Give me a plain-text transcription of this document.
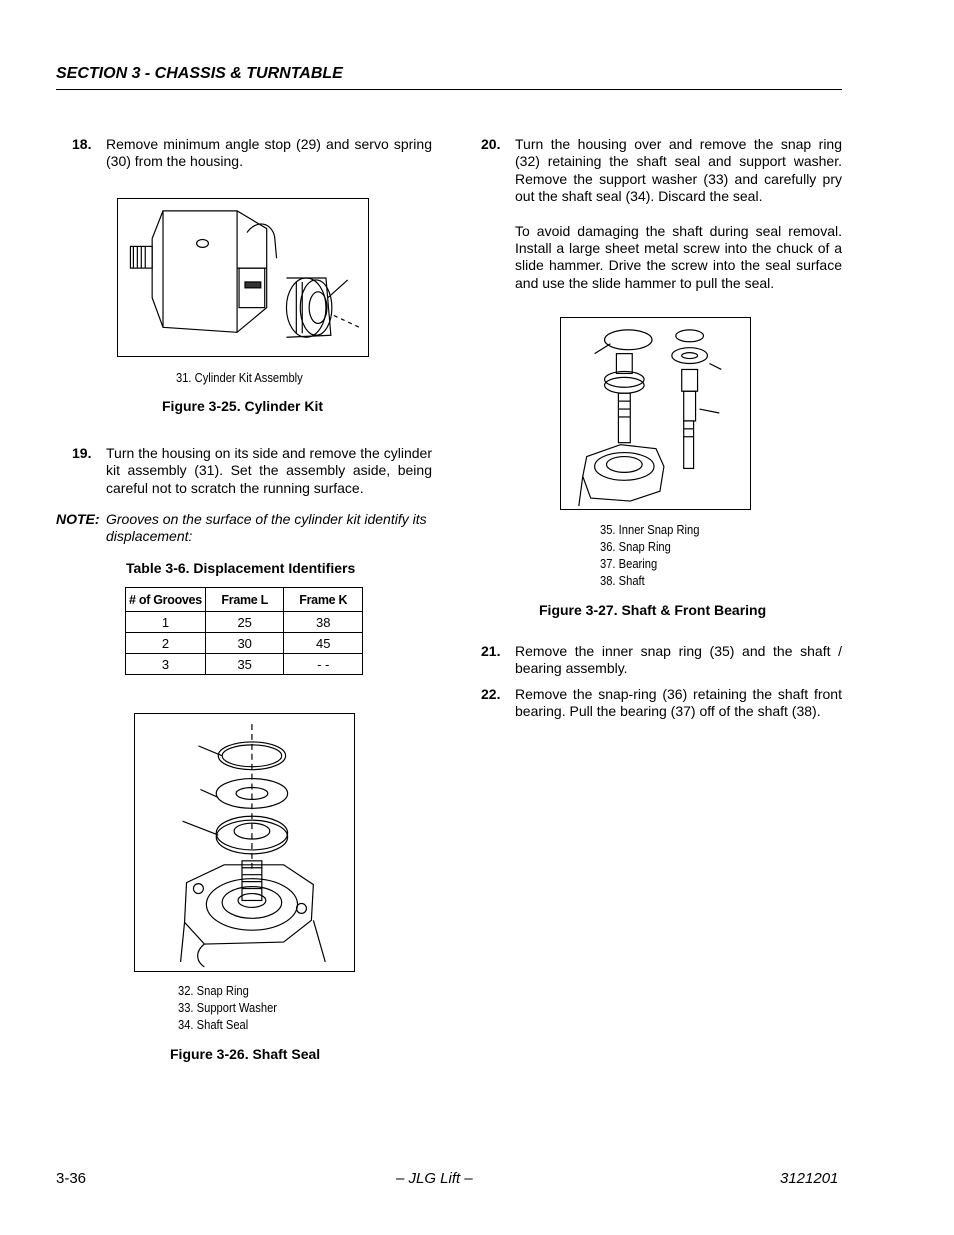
SECTION 3 - CHASSIS & TURNTABLE
18. Remove minimum angle stop (29) and servo spring (30) from the housing.
31. Cylinder Kit Assembly
Figure 3-25. Cylinder Kit
19. Turn the housing on its side and remove the cylinder kit assembly (31). Set the assembly aside, being careful not to scratch the running surface.
NOTE: Grooves on the surface of the cylinder kit identify its displacement:
Table 3-6. Displacement Identifiers
# of Grooves	Frame L	Frame K
1	25	38
2	30	45
3	35	- -
32. Snap Ring
33. Support Washer
34. Shaft Seal
Figure 3-26. Shaft Seal
20. Turn the housing over and remove the snap ring (32) retaining the shaft seal and support washer. Remove the support washer (33) and carefully pry out the shaft seal (34). Discard the seal.
To avoid damaging the shaft during seal removal. Install a large sheet metal screw into the chuck of a slide hammer. Drive the screw into the seal surface and use the slide hammer to pull the seal.
35. Inner Snap Ring
36. Snap Ring
37. Bearing
38. Shaft
Figure 3-27. Shaft & Front Bearing
21. Remove the inner snap ring (35) and the shaft / bearing assembly.
22. Remove the snap-ring (36) retaining the shaft front bearing. Pull the bearing (37) off of the shaft (38).
3-36	– JLG Lift –	3121201
